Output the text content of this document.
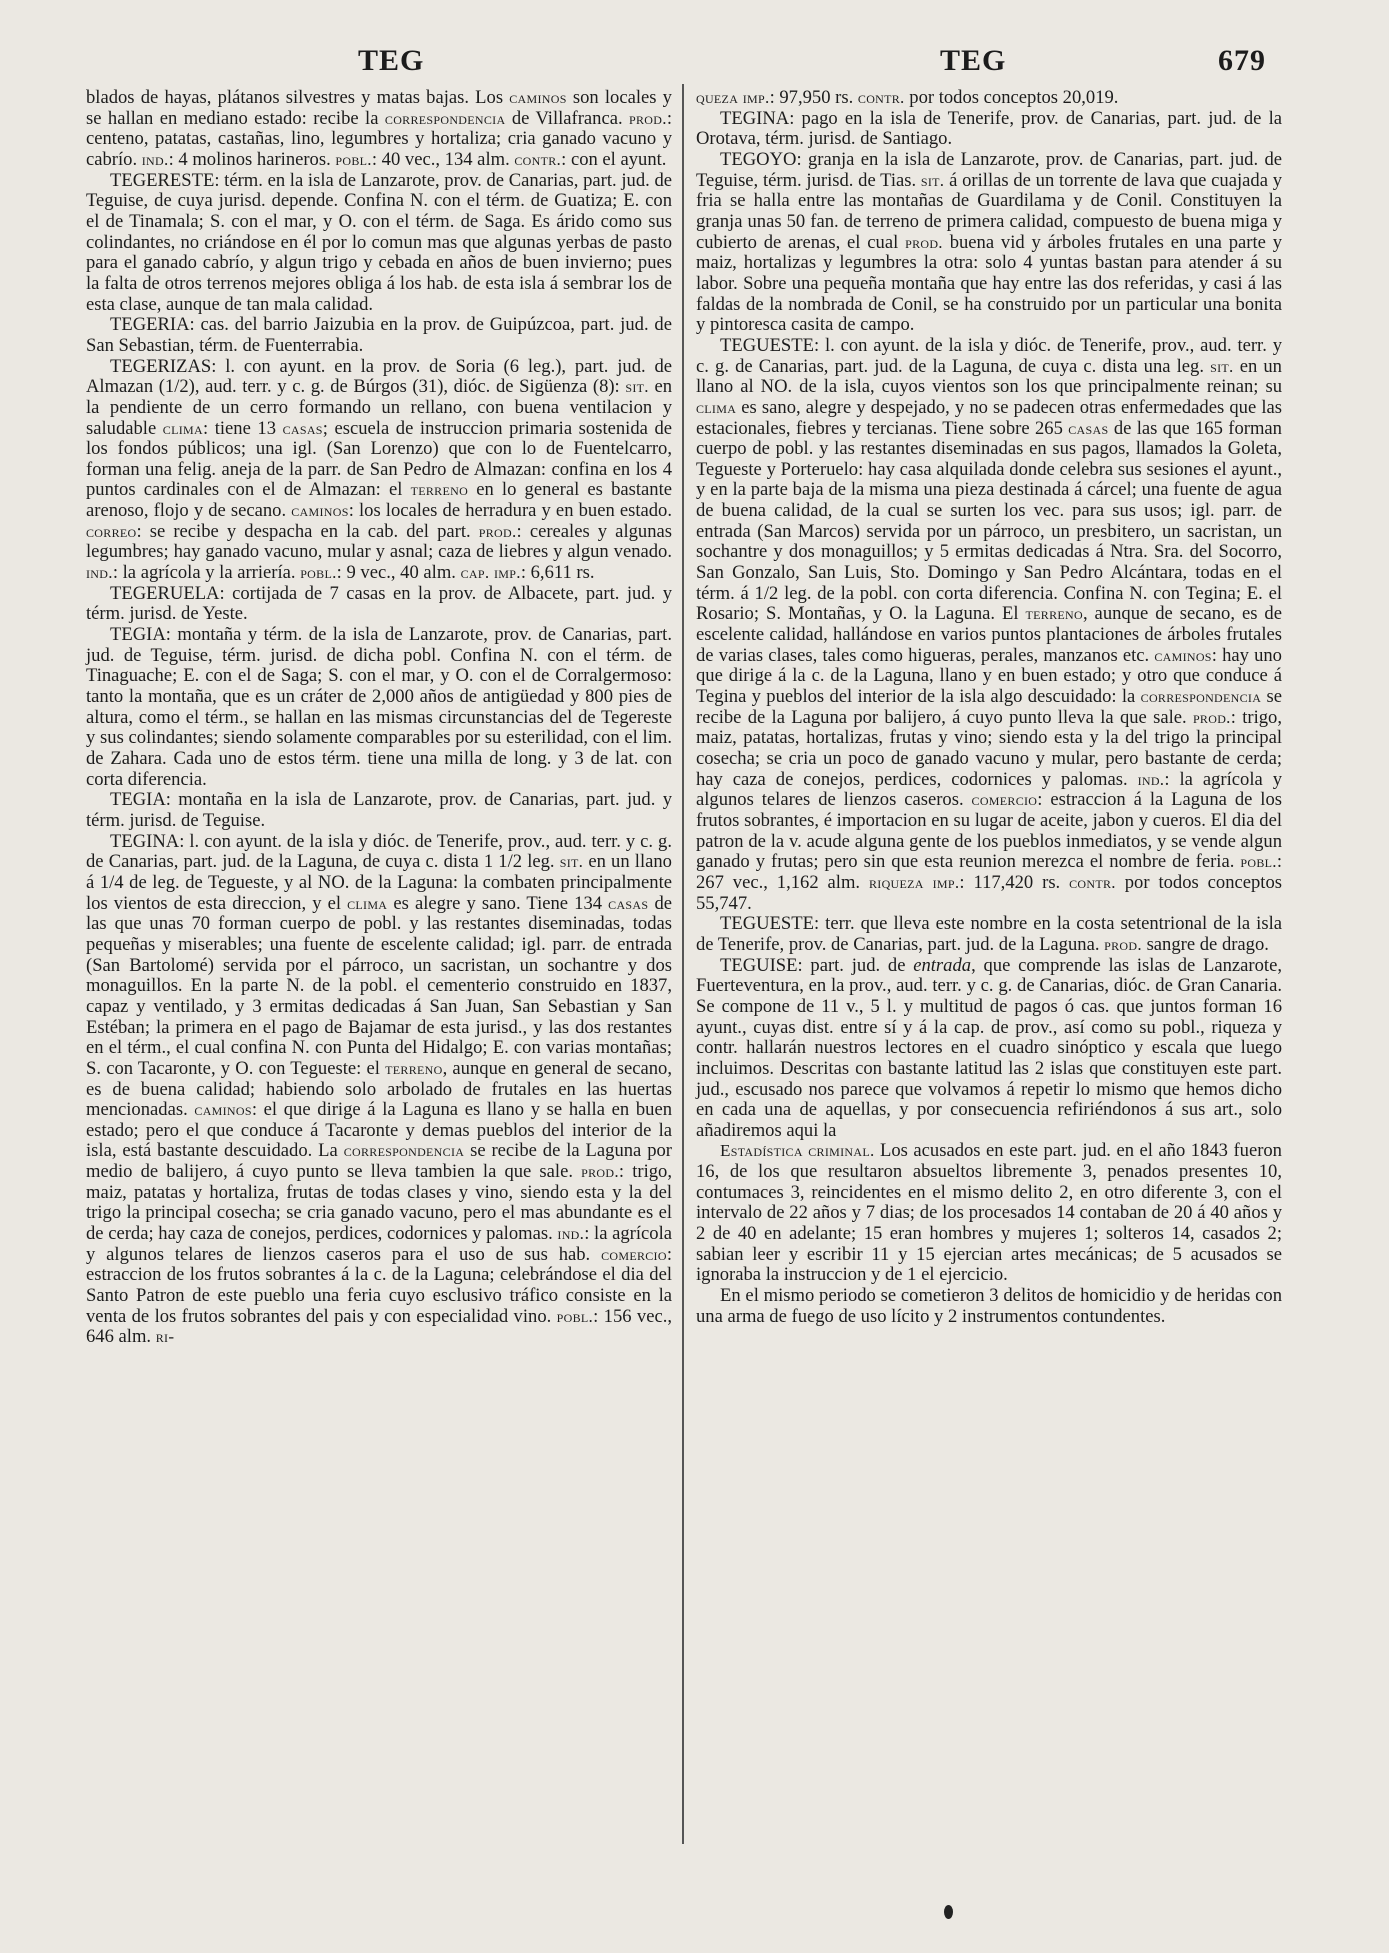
TEG	TEG	679

blados de hayas, plátanos silvestres y matas bajas. Los caminos son locales y se hallan en mediano estado: recibe la correspondencia de Villafranca. prod.: centeno, patatas, castañas, lino, legumbres y hortaliza; cria ganado vacuno y cabrío. ind.: 4 molinos harineros. pobl.: 40 vec., 134 alm. contr.: con el ayunt.

TEGERESTE: térm. en la isla de Lanzarote, prov. de Canarias, part. jud. de Teguise, de cuya jurisd. depende. Confina N. con el térm. de Guatiza; E. con el de Tinamala; S. con el mar, y O. con el térm. de Saga. Es árido como sus colindantes, no criándose en él por lo comun mas que algunas yerbas de pasto para el ganado cabrío, y algun trigo y cebada en años de buen invierno; pues la falta de otros terrenos mejores obliga á los hab. de esta isla á sembrar los de esta clase, aunque de tan mala calidad.

TEGERIA: cas. del barrio Jaizubia en la prov. de Guipúzcoa, part. jud. de San Sebastian, térm. de Fuenterrabia.

TEGERIZAS: l. con ayunt. en la prov. de Soria (6 leg.), part. jud. de Almazan (1/2), aud. terr. y c. g. de Búrgos (31), dióc. de Sigüenza (8): sit. en la pendiente de un cerro formando un rellano, con buena ventilacion y saludable clima: tiene 13 casas; escuela de instruccion primaria sostenida de los fondos públicos; una igl. (San Lorenzo) que con lo de Fuentelcarro, forman una felig. aneja de la parr. de San Pedro de Almazan: confina en los 4 puntos cardinales con el de Almazan: el terreno en lo general es bastante arenoso, flojo y de secano. caminos: los locales de herradura y en buen estado. correo: se recibe y despacha en la cab. del part. prod.: cereales y algunas legumbres; hay ganado vacuno, mular y asnal; caza de liebres y algun venado. ind.: la agrícola y la arriería. pobl.: 9 vec., 40 alm. cap. imp.: 6,611 rs.

TEGERUELA: cortijada de 7 casas en la prov. de Albacete, part. jud. y térm. jurisd. de Yeste.

TEGIA: montaña y térm. de la isla de Lanzarote, prov. de Canarias, part. jud. de Teguise, térm. jurisd. de dicha pobl. Confina N. con el térm. de Tinaguache; E. con el de Saga; S. con el mar, y O. con el de Corralgermoso: tanto la montaña, que es un cráter de 2,000 años de antigüedad y 800 pies de altura, como el térm., se hallan en las mismas circunstancias del de Tegereste y sus colindantes; siendo solamente comparables por su esterilidad, con el lim. de Zahara. Cada uno de estos térm. tiene una milla de long. y 3 de lat. con corta diferencia.

TEGIA: montaña en la isla de Lanzarote, prov. de Canarias, part. jud. y térm. jurisd. de Teguise.

TEGINA: l. con ayunt. de la isla y dióc. de Tenerife, prov., aud. terr. y c. g. de Canarias, part. jud. de la Laguna, de cuya c. dista 1 1/2 leg. sit. en un llano á 1/4 de leg. de Tegueste, y al NO. de la Laguna: la combaten principalmente los vientos de esta direccion, y el clima es alegre y sano. Tiene 134 casas de las que unas 70 forman cuerpo de pobl. y las restantes diseminadas, todas pequeñas y miserables; una fuente de escelente calidad; igl. parr. de entrada (San Bartolomé) servida por el párroco, un sacristan, un sochantre y dos monaguillos. En la parte N. de la pobl. el cementerio construido en 1837, capaz y ventilado, y 3 ermitas dedicadas á San Juan, San Sebastian y San Estéban; la primera en el pago de Bajamar de esta jurisd., y las dos restantes en el térm., el cual confina N. con Punta del Hidalgo; E. con varias montañas; S. con Tacaronte, y O. con Tegueste: el terreno, aunque en general de secano, es de buena calidad; habiendo solo arbolado de frutales en las huertas mencionadas. caminos: el que dirige á la Laguna es llano y se halla en buen estado; pero el que conduce á Tacaronte y demas pueblos del interior de la isla, está bastante descuidado. La correspondencia se recibe de la Laguna por medio de balijero, á cuyo punto se lleva tambien la que sale. prod.: trigo, maiz, patatas y hortaliza, frutas de todas clases y vino, siendo esta y la del trigo la principal cosecha; se cria ganado vacuno, pero el mas abundante es el de cerda; hay caza de conejos, perdices, codornices y palomas. ind.: la agrícola y algunos telares de lienzos caseros para el uso de sus hab. comercio: estraccion de los frutos sobrantes á la c. de la Laguna; celebrándose el dia del Santo Patron de este pueblo una feria cuyo esclusivo tráfico consiste en la venta de los frutos sobrantes del pais y con especialidad vino. pobl.: 156 vec., 646 alm. ri-

queza imp.: 97,950 rs. contr. por todos conceptos 20,019.

TEGINA: pago en la isla de Tenerife, prov. de Canarias, part. jud. de la Orotava, térm. jurisd. de Santiago.

TEGOYO: granja en la isla de Lanzarote, prov. de Canarias, part. jud. de Teguise, térm. jurisd. de Tias. sit. á orillas de un torrente de lava que cuajada y fria se halla entre las montañas de Guardilama y de Conil. Constituyen la granja unas 50 fan. de terreno de primera calidad, compuesto de buena miga y cubierto de arenas, el cual prod. buena vid y árboles frutales en una parte y maiz, hortalizas y legumbres la otra: solo 4 yuntas bastan para atender á su labor. Sobre una pequeña montaña que hay entre las dos referidas, y casi á las faldas de la nombrada de Conil, se ha construido por un particular una bonita y pintoresca casita de campo.

TEGUESTE: l. con ayunt. de la isla y dióc. de Tenerife, prov., aud. terr. y c. g. de Canarias, part. jud. de la Laguna, de cuya c. dista una leg. sit. en un llano al NO. de la isla, cuyos vientos son los que principalmente reinan; su clima es sano, alegre y despejado, y no se padecen otras enfermedades que las estacionales, fiebres y tercianas. Tiene sobre 265 casas de las que 165 forman cuerpo de pobl. y las restantes diseminadas en sus pagos, llamados la Goleta, Tegueste y Porteruelo: hay casa alquilada donde celebra sus sesiones el ayunt., y en la parte baja de la misma una pieza destinada á cárcel; una fuente de agua de buena calidad, de la cual se surten los vec. para sus usos; igl. parr. de entrada (San Marcos) servida por un párroco, un presbitero, un sacristan, un sochantre y dos monaguillos; y 5 ermitas dedicadas á Ntra. Sra. del Socorro, San Gonzalo, San Luis, Sto. Domingo y San Pedro Alcántara, todas en el térm. á 1/2 leg. de la pobl. con corta diferencia. Confina N. con Tegina; E. el Rosario; S. Montañas, y O. la Laguna. El terreno, aunque de secano, es de escelente calidad, hallándose en varios puntos plantaciones de árboles frutales de varias clases, tales como higueras, perales, manzanos etc. caminos: hay uno que dirige á la c. de la Laguna, llano y en buen estado; y otro que conduce á Tegina y pueblos del interior de la isla algo descuidado: la correspondencia se recibe de la Laguna por balijero, á cuyo punto lleva la que sale. prod.: trigo, maiz, patatas, hortalizas, frutas y vino; siendo esta y la del trigo la principal cosecha; se cria un poco de ganado vacuno y mular, pero bastante de cerda; hay caza de conejos, perdices, codornices y palomas. ind.: la agrícola y algunos telares de lienzos caseros. comercio: estraccion á la Laguna de los frutos sobrantes, é importacion en su lugar de aceite, jabon y cueros. El dia del patron de la v. acude alguna gente de los pueblos inmediatos, y se vende algun ganado y frutas; pero sin que esta reunion merezca el nombre de feria. pobl.: 267 vec., 1,162 alm. riqueza imp.: 117,420 rs. contr. por todos conceptos 55,747.

TEGUESTE: terr. que lleva este nombre en la costa setentrional de la isla de Tenerife, prov. de Canarias, part. jud. de la Laguna. prod. sangre de drago.

TEGUISE: part. jud. de entrada, que comprende las islas de Lanzarote, Fuerteventura, en la prov., aud. terr. y c. g. de Canarias, dióc. de Gran Canaria. Se compone de 11 v., 5 l. y multitud de pagos ó cas. que juntos forman 16 ayunt., cuyas dist. entre sí y á la cap. de prov., así como su pobl., riqueza y contr. hallarán nuestros lectores en el cuadro sinóptico y escala que luego incluimos. Descritas con bastante latitud las 2 islas que constituyen este part. jud., escusado nos parece que volvamos á repetir lo mismo que hemos dicho en cada una de aquellas, y por consecuencia refiriéndonos á sus art., solo añadiremos aqui la

Estadística criminal. Los acusados en este part. jud. en el año 1843 fueron 16, de los que resultaron absueltos libremente 3, penados presentes 10, contumaces 3, reincidentes en el mismo delito 2, en otro diferente 3, con el intervalo de 22 años y 7 dias; de los procesados 14 contaban de 20 á 40 años y 2 de 40 en adelante; 15 eran hombres y mujeres 1; solteros 14, casados 2; sabian leer y escribir 11 y 15 ejercian artes mecánicas; de 5 acusados se ignoraba la instruccion y de 1 el ejercicio.

En el mismo periodo se cometieron 3 delitos de homicidio y de heridas con una arma de fuego de uso lícito y 2 instrumentos contundentes.
